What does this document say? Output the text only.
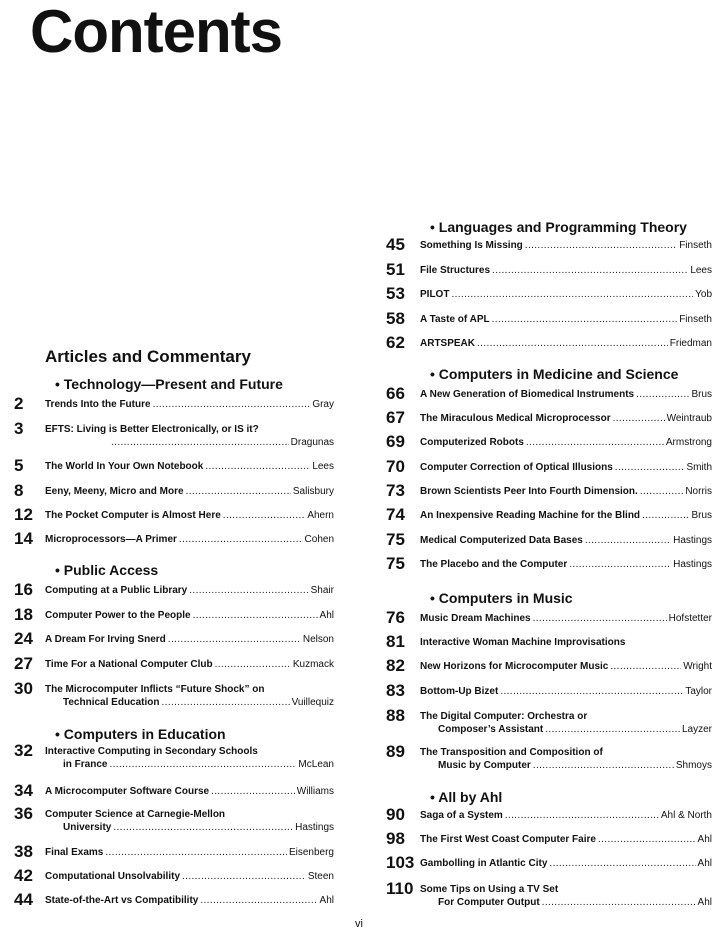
Contents
Articles and Commentary
• Technology—Present and Future
2	Trends Into the Future . . .	Gray
3	EFTS: Living is Better Electronically, or IS it?
. . .
Dragunas
5	The World In Your Own Notebook . . .	Lees
8	Eeny, Meeny, Micro and More . . .	Salisbury
12	The Pocket Computer is Almost Here . . .	Ahern
14	Microprocessors—A Primer . . .	Cohen
• Public Access
16	Computing at a Public Library . . .	Shair
18	Computer Power to the People . . .	Ahl
24	A Dream For Irving Snerd . . .	Nelson
27	Time For a National Computer Club . . .	Kuzmack
30	The Microcomputer Inflicts “Future Shock” on
Technical Education . . .	Vuillequiz
• Computers in Education
32	Interactive Computing in Secondary Schools
in France . . .	McLean
34	A Microcomputer Software Course . . .	Williams
36	Computer Science at Carnegie-Mellon
University . . .	Hastings
38	Final Exams . . .	Eisenberg
42	Computational Unsolvability . . .	Steen
44	State-of-the-Art vs Compatibility . . .	Ahl
• Languages and Programming Theory
45	Something Is Missing . . .	Finseth
51	File Structures . . .	Lees
53	PILOT . . .	Yob
58	A Taste of APL . . .	Finseth
62	ARTSPEAK . . .	Friedman
• Computers in Medicine and Science
66	A New Generation of Biomedical Instruments . . .	Brus
67	The Miraculous Medical Microprocessor . . .	Weintraub
69	Computerized Robots . . .	Armstrong
70	Computer Correction of Optical Illusions . . .	Smith
73	Brown Scientists Peer Into Fourth Dimension. . . .	Norris
74	An Inexpensive Reading Machine for the Blind . . .	Brus
75	Medical Computerized Data Bases . . .	Hastings
75	The Placebo and the Computer . . .	Hastings
• Computers in Music
76	Music Dream Machines . . .	Hofstetter
81	Interactive Woman Machine Improvisations
82	New Horizons for Microcomputer Music . . .	Wright
83	Bottom-Up Bizet . . .	Taylor
88	The Digital Computer: Orchestra or
Composer’s Assistant . . .	Layzer
89	The Transposition and Composition of
Music by Computer . . .	Shmoys
• All by Ahl
90	Saga of a System . . .	Ahl & North
98	The First West Coast Computer Faire . . .	Ahl
103 Gambolling in Atlantic City . . .	Ahl
110 Some Tips on Using a TV Set
For Computer Output . . .	Ahl
vi
